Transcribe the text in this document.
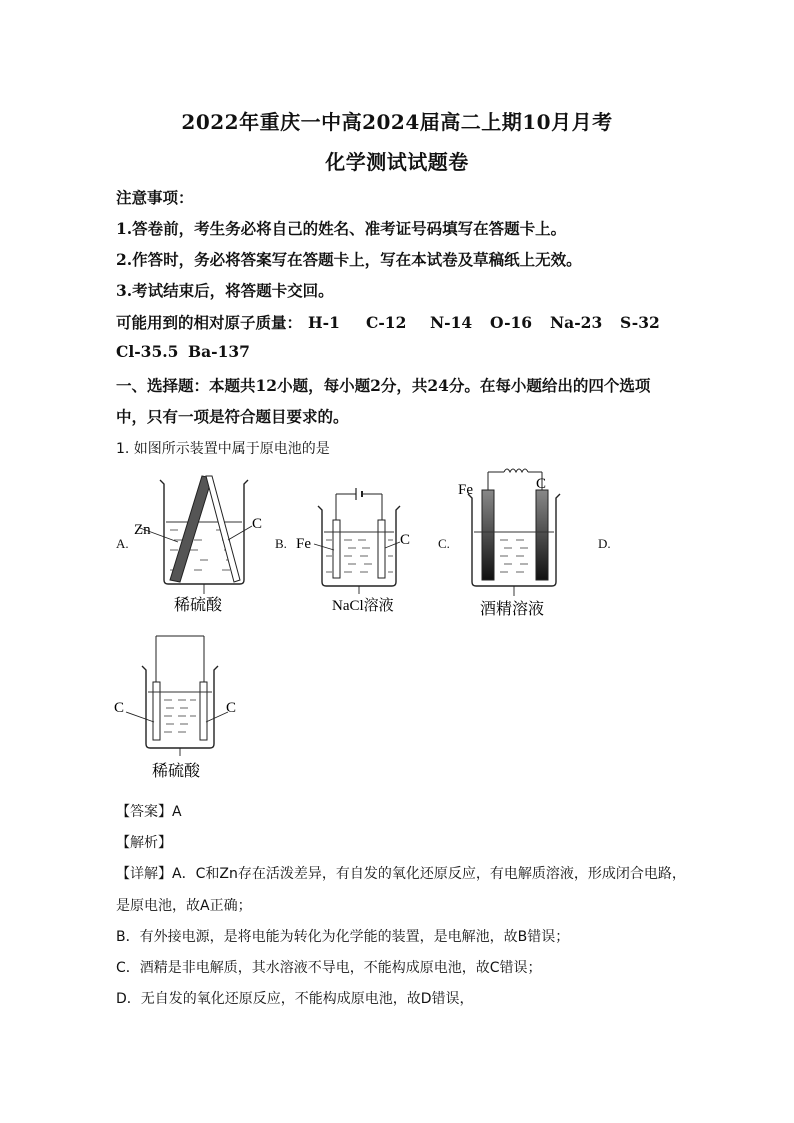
2022年重庆一中高2024届高二上期10月月考
化学测试试题卷
注意事项：
1.答卷前，考生务必将自己的姓名、准考证号码填写在答题卡上。
2.作答时，务必将答案写在答题卡上，写在本试卷及草稿纸上无效。
3.考试结束后，将答题卡交回。
可能用到的相对原子质量： H-1 C-12 N-14 O-16 Na-23 S-32
Cl-35.5 Ba-137
一、选择题：本题共12小题，每小题2分，共24分。在每小题给出的四个选项
中，只有一项是符合题目要求的。
1. 如图所示装置中属于原电池的是
A.
Zn	C
稀硫酸
B. Fe	C
NaCl溶液
C.
Fe	C
酒精溶液
D.
C	C
稀硫酸
【答案】A
【解析】
【详解】A．C和Zn存在活泼差异，有自发的氧化还原反应，有电解质溶液，形成闭合电路，
是原电池，故A正确；
B．有外接电源，是将电能为转化为化学能的装置，是电解池，故B错误；
C．酒精是非电解质，其水溶液不导电，不能构成原电池，故C错误；
D．无自发的氧化还原反应，不能构成原电池，故D错误，
